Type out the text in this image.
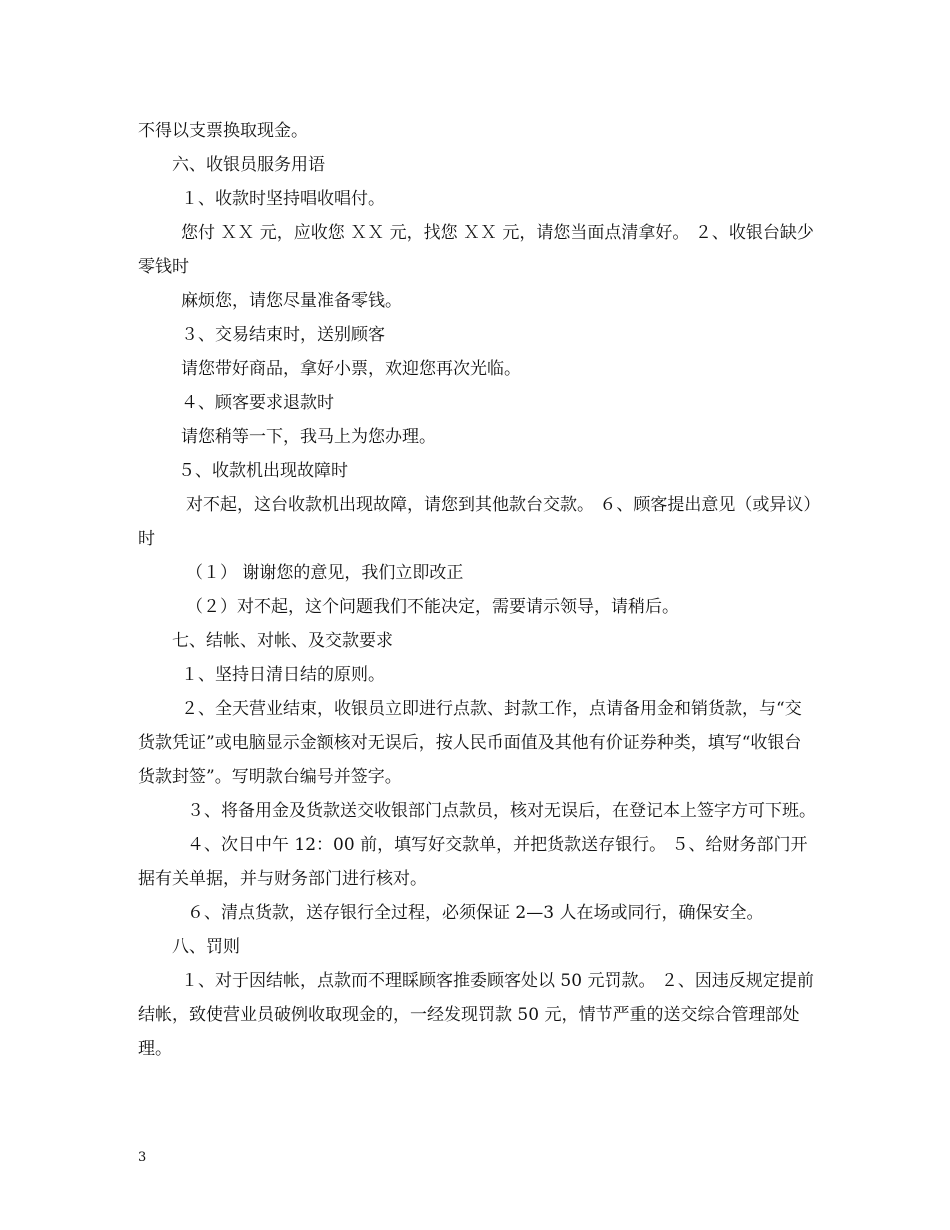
不得以支票换取现金。

六、收银员服务用语

１、收款时坚持唱收唱付。

您付 ＸＸ 元，应收您 ＸＸ 元，找您 ＸＸ 元，请您当面点清拿好。 ２、收银台缺少零钱时

麻烦您，请您尽量准备零钱。

３、交易结束时，送别顾客

请您带好商品，拿好小票，欢迎您再次光临。

４、顾客要求退款时

请您稍等一下，我马上为您办理。

５、收款机出现故障时

对不起，这台收款机出现故障，请您到其他款台交款。 ６、顾客提出意见（或异议）时

（１） 谢谢您的意见，我们立即改正

（２）对不起，这个问题我们不能决定，需要请示领导，请稍后。

七、结帐、对帐、及交款要求

１、坚持日清日结的原则。

２、全天营业结束，收银员立即进行点款、封款工作，点请备用金和销货款，与“交货款凭证”或电脑显示金额核对无误后，按人民币面值及其他有价证券种类，填写“收银台货款封签”。写明款台编号并签字。

３、将备用金及货款送交收银部门点款员，核对无误后，在登记本上签字方可下班。

４、次日中午 12：00 前，填写好交款单，并把货款送存银行。 ５、给财务部门开据有关单据，并与财务部门进行核对。

６、清点货款，送存银行全过程，必须保证 2—3 人在场或同行，确保安全。

八、罚则

１、对于因结帐，点款而不理睬顾客推委顾客处以 50 元罚款。 ２、因违反规定提前结帐，致使营业员破例收取现金的，一经发现罚款 50 元，情节严重的送交综合管理部处理。

3
